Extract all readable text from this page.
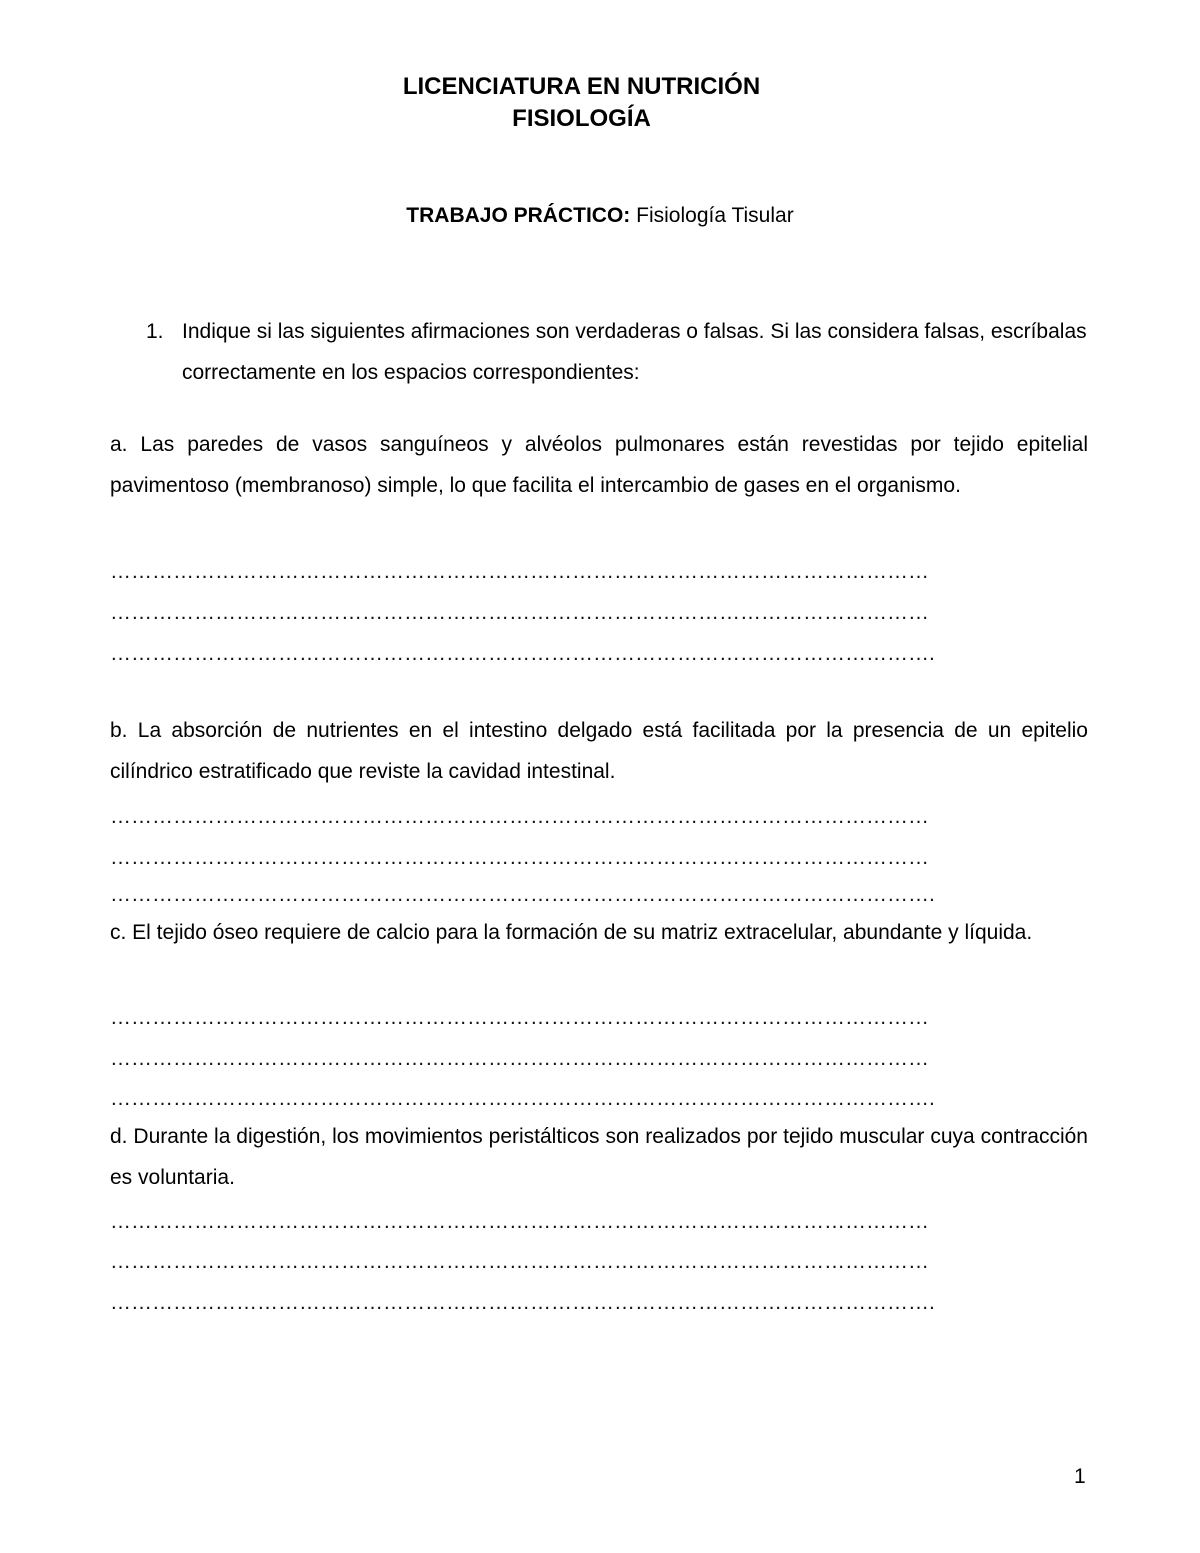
LICENCIATURA EN NUTRICIÓN
FISIOLOGÍA
TRABAJO PRÁCTICO: Fisiología Tisular
1. Indique si las siguientes afirmaciones son verdaderas o falsas. Si las considera falsas, escríbalas correctamente en los espacios correspondientes:
a. Las paredes de vasos sanguíneos y alvéolos pulmonares están revestidas por tejido epitelial pavimentoso (membranoso) simple, lo que facilita el intercambio de gases en el organismo.
………………………………………………………………………………………………………
………………………………………………………………………………………………………
……………………………………………………………………………………………………….
b. La absorción de nutrientes en el intestino delgado está facilitada por la presencia de un epitelio cilíndrico estratificado que reviste la cavidad intestinal.
………………………………………………………………………………………………………
………………………………………………………………………………………………………
……………………………………………………………………………………………………….
c. El tejido óseo requiere de calcio para la formación de su matriz extracelular, abundante y líquida.
………………………………………………………………………………………………………
………………………………………………………………………………………………………
……………………………………………………………………………………………………….
d. Durante la digestión, los movimientos peristálticos son realizados por tejido muscular cuya contracción es voluntaria.
………………………………………………………………………………………………………
………………………………………………………………………………………………………
……………………………………………………………………………………………………….
1
